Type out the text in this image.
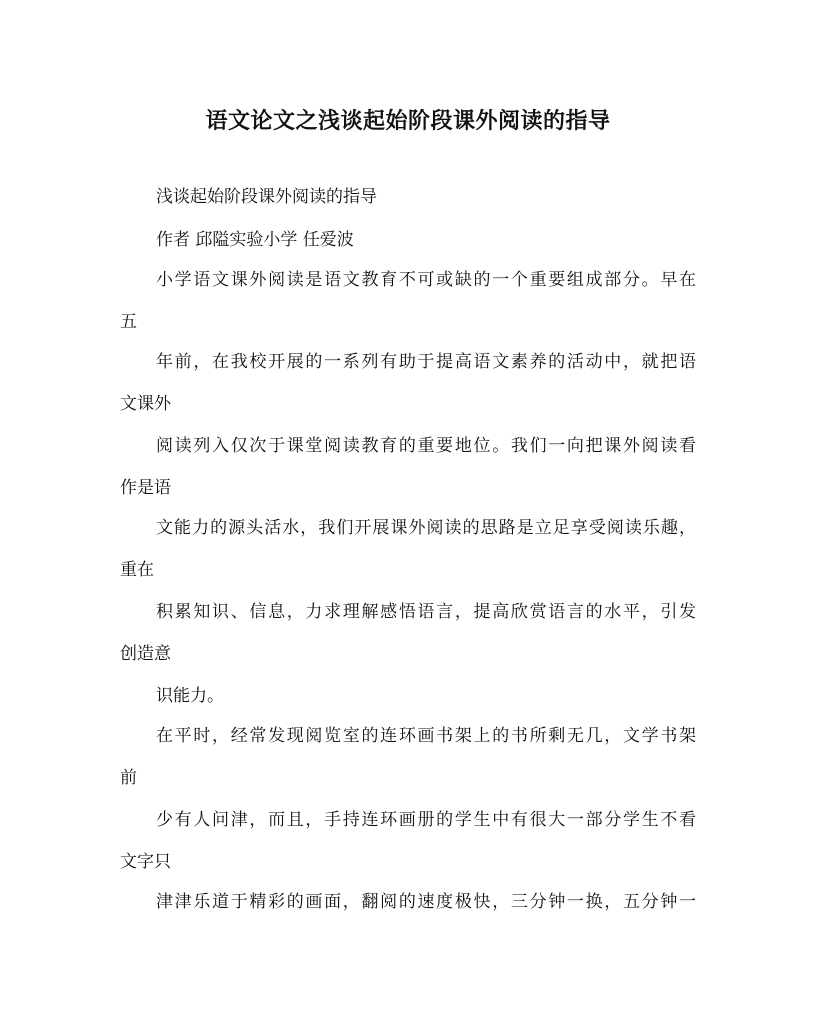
语文论文之浅谈起始阶段课外阅读的指导
浅谈起始阶段课外阅读的指导
作者 邱隘实验小学 任爱波
小学语文课外阅读是语文教育不可或缺的一个重要组成部分。早在
五
年前，在我校开展的一系列有助于提高语文素养的活动中，就把语
文课外
阅读列入仅次于课堂阅读教育的重要地位。我们一向把课外阅读看
作是语
文能力的源头活水，我们开展课外阅读的思路是立足享受阅读乐趣，
重在
积累知识、信息，力求理解感悟语言，提高欣赏语言的水平，引发
创造意
识能力。
在平时，经常发现阅览室的连环画书架上的书所剩无几，文学书架
前
少有人问津，而且，手持连环画册的学生中有很大一部分学生不看
文字只
津津乐道于精彩的画面，翻阅的速度极快，三分钟一换，五分钟一
